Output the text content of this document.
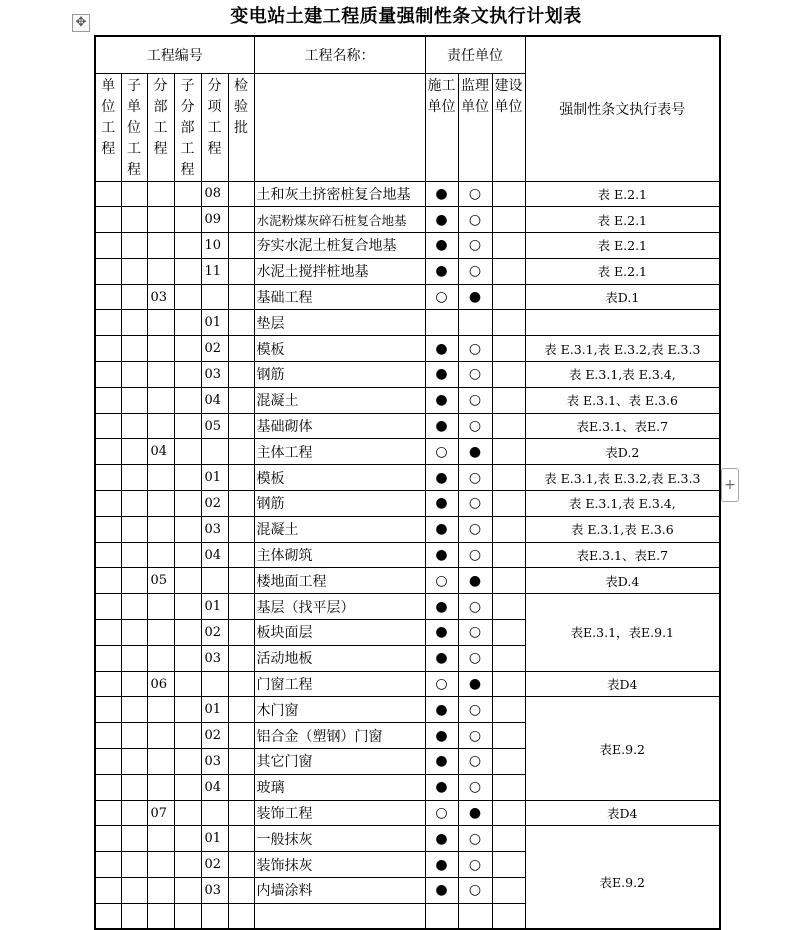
✥	变电站土建工程质量强制性条文执行计划表
+
工程编号						工程名称：	责任单位			强制性条文执行表号
单位工程	子单位工程	分部工程	子分部工程	分项工程	检验批		施工单位	监理单位	建设单位	
				08		土和灰土挤密桩复合地基	●	○		表 E.2.1
				09		水泥粉煤灰碎石桩复合地基	●	○		表 E.2.1
				10		夯实水泥土桩复合地基	●	○		表 E.2.1
				11		水泥土搅拌桩地基	●	○		表 E.2.1
		03				基础工程	○	●		表D.1
				01		垫层				
				02		模板	●	○		表 E.3.1,表 E.3.2,表 E.3.3
				03		钢筋	●	○		表 E.3.1,表 E.3.4,
				04		混凝土	●	○		表 E.3.1、表 E.3.6
				05		基础砌体	●	○		表E.3.1、表E.7
		04				主体工程	○	●		表D.2
				01		模板	●	○		表 E.3.1,表 E.3.2,表 E.3.3
				02		钢筋	●	○		表 E.3.1,表 E.3.4,
				03		混凝土	●	○		表 E.3.1,表 E.3.6
				04		主体砌筑	●	○		表E.3.1、表E.7
		05				楼地面工程	○	●		表D.4
				01		基层（找平层）	●	○		表E.3.1，表E.9.1
				02		板块面层	●	○		
				03		活动地板	●	○		
		06				门窗工程	○	●		表D4
				01		木门窗	●	○		表E.9.2
				02		铝合金（塑钢）门窗	●	○		
				03		其它门窗	●	○		
				04		玻璃	●	○		
		07				装饰工程	○	●		表D4
				01		一般抹灰	●	○		表E.9.2
				02		装饰抹灰	●	○		
				03		内墙涂料	●	○		
